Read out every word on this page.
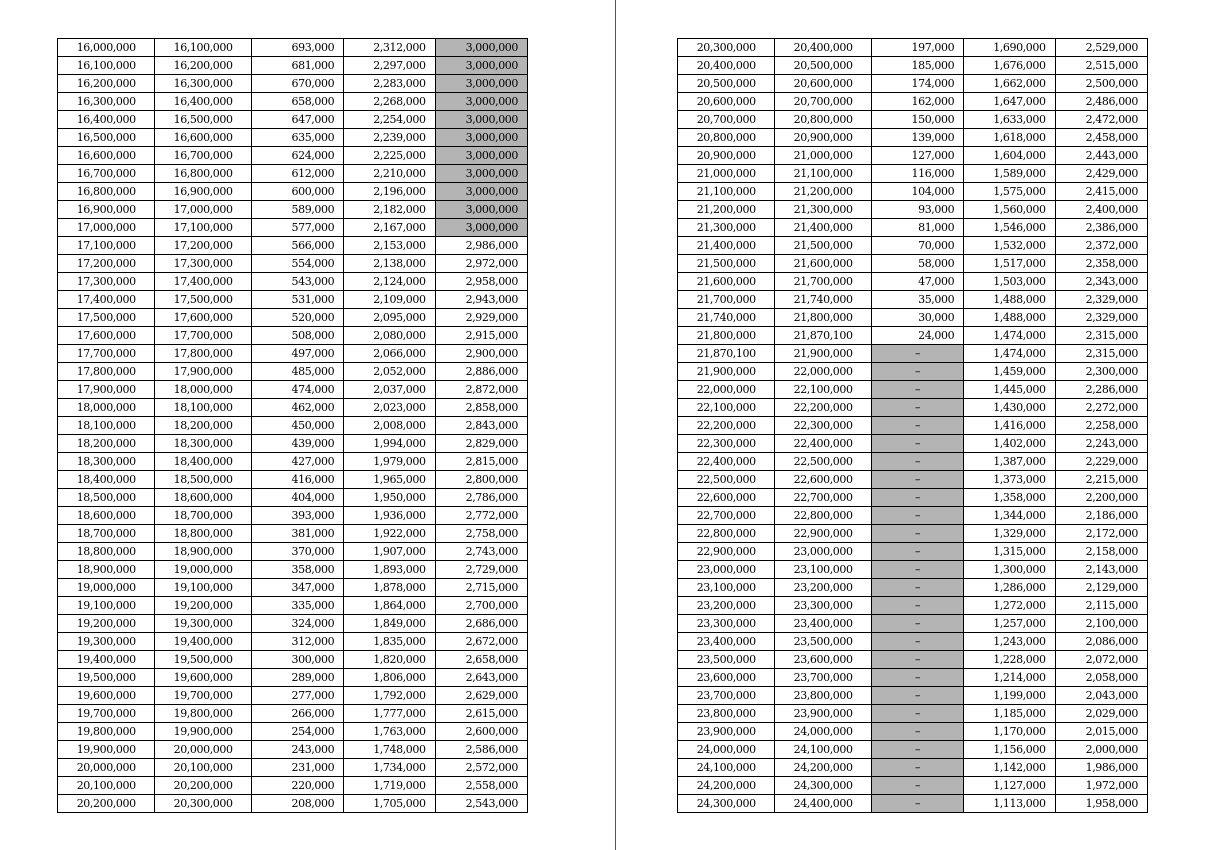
16,000,000	16,100,000	693,000	2,312,000	3,000,000
16,100,000	16,200,000	681,000	2,297,000	3,000,000
16,200,000	16,300,000	670,000	2,283,000	3,000,000
16,300,000	16,400,000	658,000	2,268,000	3,000,000
16,400,000	16,500,000	647,000	2,254,000	3,000,000
16,500,000	16,600,000	635,000	2,239,000	3,000,000
16,600,000	16,700,000	624,000	2,225,000	3,000,000
16,700,000	16,800,000	612,000	2,210,000	3,000,000
16,800,000	16,900,000	600,000	2,196,000	3,000,000
16,900,000	17,000,000	589,000	2,182,000	3,000,000
17,000,000	17,100,000	577,000	2,167,000	3,000,000
17,100,000	17,200,000	566,000	2,153,000	2,986,000
17,200,000	17,300,000	554,000	2,138,000	2,972,000
17,300,000	17,400,000	543,000	2,124,000	2,958,000
17,400,000	17,500,000	531,000	2,109,000	2,943,000
17,500,000	17,600,000	520,000	2,095,000	2,929,000
17,600,000	17,700,000	508,000	2,080,000	2,915,000
17,700,000	17,800,000	497,000	2,066,000	2,900,000
17,800,000	17,900,000	485,000	2,052,000	2,886,000
17,900,000	18,000,000	474,000	2,037,000	2,872,000
18,000,000	18,100,000	462,000	2,023,000	2,858,000
18,100,000	18,200,000	450,000	2,008,000	2,843,000
18,200,000	18,300,000	439,000	1,994,000	2,829,000
18,300,000	18,400,000	427,000	1,979,000	2,815,000
18,400,000	18,500,000	416,000	1,965,000	2,800,000
18,500,000	18,600,000	404,000	1,950,000	2,786,000
18,600,000	18,700,000	393,000	1,936,000	2,772,000
18,700,000	18,800,000	381,000	1,922,000	2,758,000
18,800,000	18,900,000	370,000	1,907,000	2,743,000
18,900,000	19,000,000	358,000	1,893,000	2,729,000
19,000,000	19,100,000	347,000	1,878,000	2,715,000
19,100,000	19,200,000	335,000	1,864,000	2,700,000
19,200,000	19,300,000	324,000	1,849,000	2,686,000
19,300,000	19,400,000	312,000	1,835,000	2,672,000
19,400,000	19,500,000	300,000	1,820,000	2,658,000
19,500,000	19,600,000	289,000	1,806,000	2,643,000
19,600,000	19,700,000	277,000	1,792,000	2,629,000
19,700,000	19,800,000	266,000	1,777,000	2,615,000
19,800,000	19,900,000	254,000	1,763,000	2,600,000
19,900,000	20,000,000	243,000	1,748,000	2,586,000
20,000,000	20,100,000	231,000	1,734,000	2,572,000
20,100,000	20,200,000	220,000	1,719,000	2,558,000
20,200,000	20,300,000	208,000	1,705,000	2,543,000
20,300,000	20,400,000	197,000	1,690,000	2,529,000
20,400,000	20,500,000	185,000	1,676,000	2,515,000
20,500,000	20,600,000	174,000	1,662,000	2,500,000
20,600,000	20,700,000	162,000	1,647,000	2,486,000
20,700,000	20,800,000	150,000	1,633,000	2,472,000
20,800,000	20,900,000	139,000	1,618,000	2,458,000
20,900,000	21,000,000	127,000	1,604,000	2,443,000
21,000,000	21,100,000	116,000	1,589,000	2,429,000
21,100,000	21,200,000	104,000	1,575,000	2,415,000
21,200,000	21,300,000	93,000	1,560,000	2,400,000
21,300,000	21,400,000	81,000	1,546,000	2,386,000
21,400,000	21,500,000	70,000	1,532,000	2,372,000
21,500,000	21,600,000	58,000	1,517,000	2,358,000
21,600,000	21,700,000	47,000	1,503,000	2,343,000
21,700,000	21,740,000	35,000	1,488,000	2,329,000
21,740,000	21,800,000	30,000	1,488,000	2,329,000
21,800,000	21,870,100	24,000	1,474,000	2,315,000
21,870,100	21,900,000	–	1,474,000	2,315,000
21,900,000	22,000,000	–	1,459,000	2,300,000
22,000,000	22,100,000	–	1,445,000	2,286,000
22,100,000	22,200,000	–	1,430,000	2,272,000
22,200,000	22,300,000	–	1,416,000	2,258,000
22,300,000	22,400,000	–	1,402,000	2,243,000
22,400,000	22,500,000	–	1,387,000	2,229,000
22,500,000	22,600,000	–	1,373,000	2,215,000
22,600,000	22,700,000	–	1,358,000	2,200,000
22,700,000	22,800,000	–	1,344,000	2,186,000
22,800,000	22,900,000	–	1,329,000	2,172,000
22,900,000	23,000,000	–	1,315,000	2,158,000
23,000,000	23,100,000	–	1,300,000	2,143,000
23,100,000	23,200,000	–	1,286,000	2,129,000
23,200,000	23,300,000	–	1,272,000	2,115,000
23,300,000	23,400,000	–	1,257,000	2,100,000
23,400,000	23,500,000	–	1,243,000	2,086,000
23,500,000	23,600,000	–	1,228,000	2,072,000
23,600,000	23,700,000	–	1,214,000	2,058,000
23,700,000	23,800,000	–	1,199,000	2,043,000
23,800,000	23,900,000	–	1,185,000	2,029,000
23,900,000	24,000,000	–	1,170,000	2,015,000
24,000,000	24,100,000	–	1,156,000	2,000,000
24,100,000	24,200,000	–	1,142,000	1,986,000
24,200,000	24,300,000	–	1,127,000	1,972,000
24,300,000	24,400,000	–	1,113,000	1,958,000
